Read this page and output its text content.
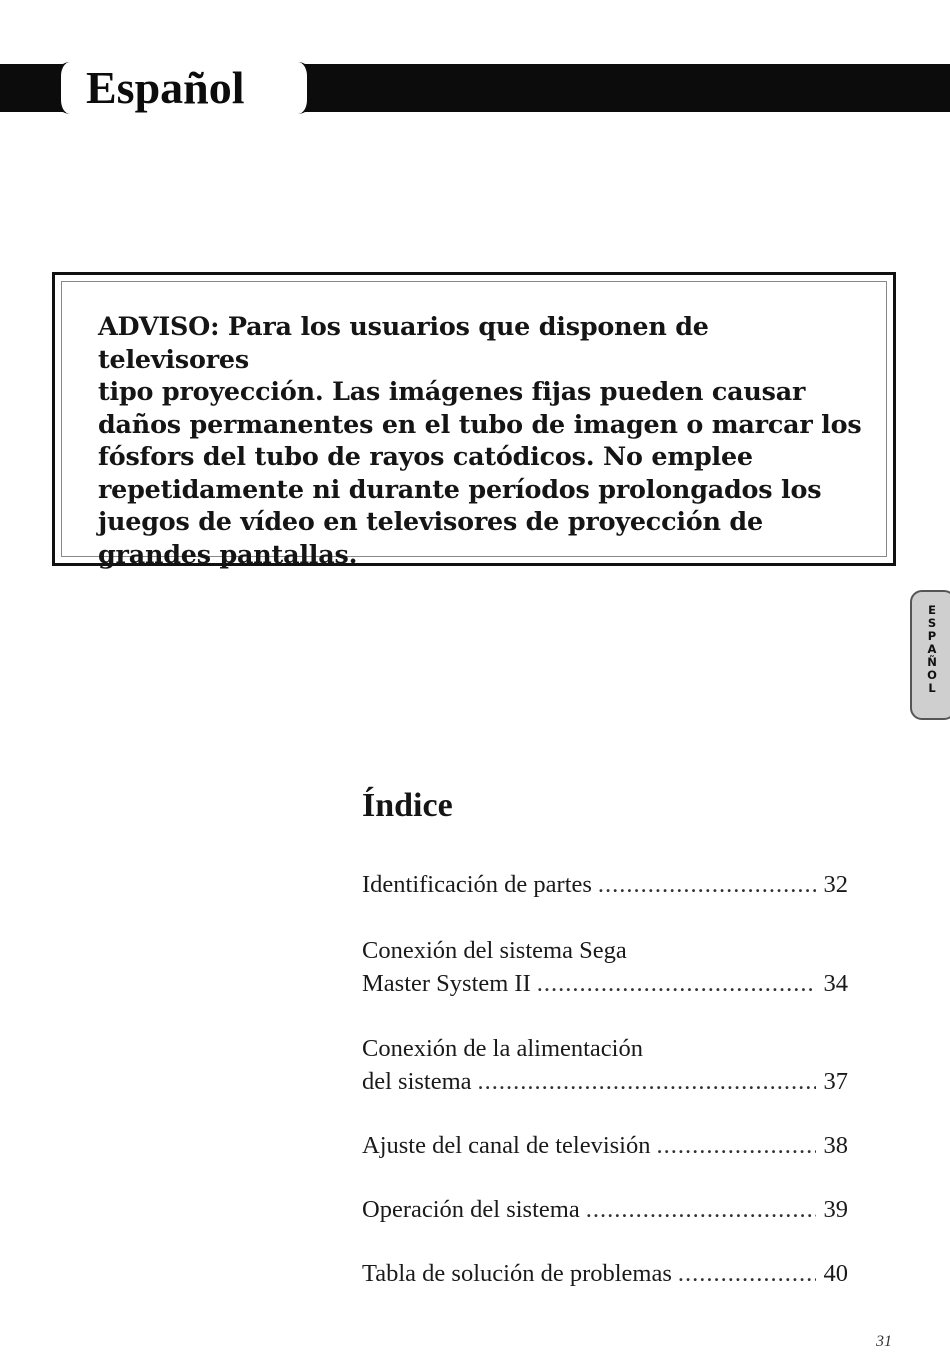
Español
ADVISO: Para los usuarios que disponen de televisores
tipo proyección. Las imágenes fijas pueden causar
daños permanentes en el tubo de imagen o marcar los
fósfors del tubo de rayos catódicos. No emplee
repetidamente ni durante períodos prolongados los
juegos de vídeo en televisores de proyección de
grandes pantallas.
E
S
P
A
Ñ
O
L
Índice
Identificación de partes .....	32
Conexión del sistema Sega
Master System II .....	34
Conexión de la alimentación
del sistema .....	37
Ajuste del canal de televisión .....	38
Operación del sistema .....	39
Tabla de solución de problemas .....	40
31
